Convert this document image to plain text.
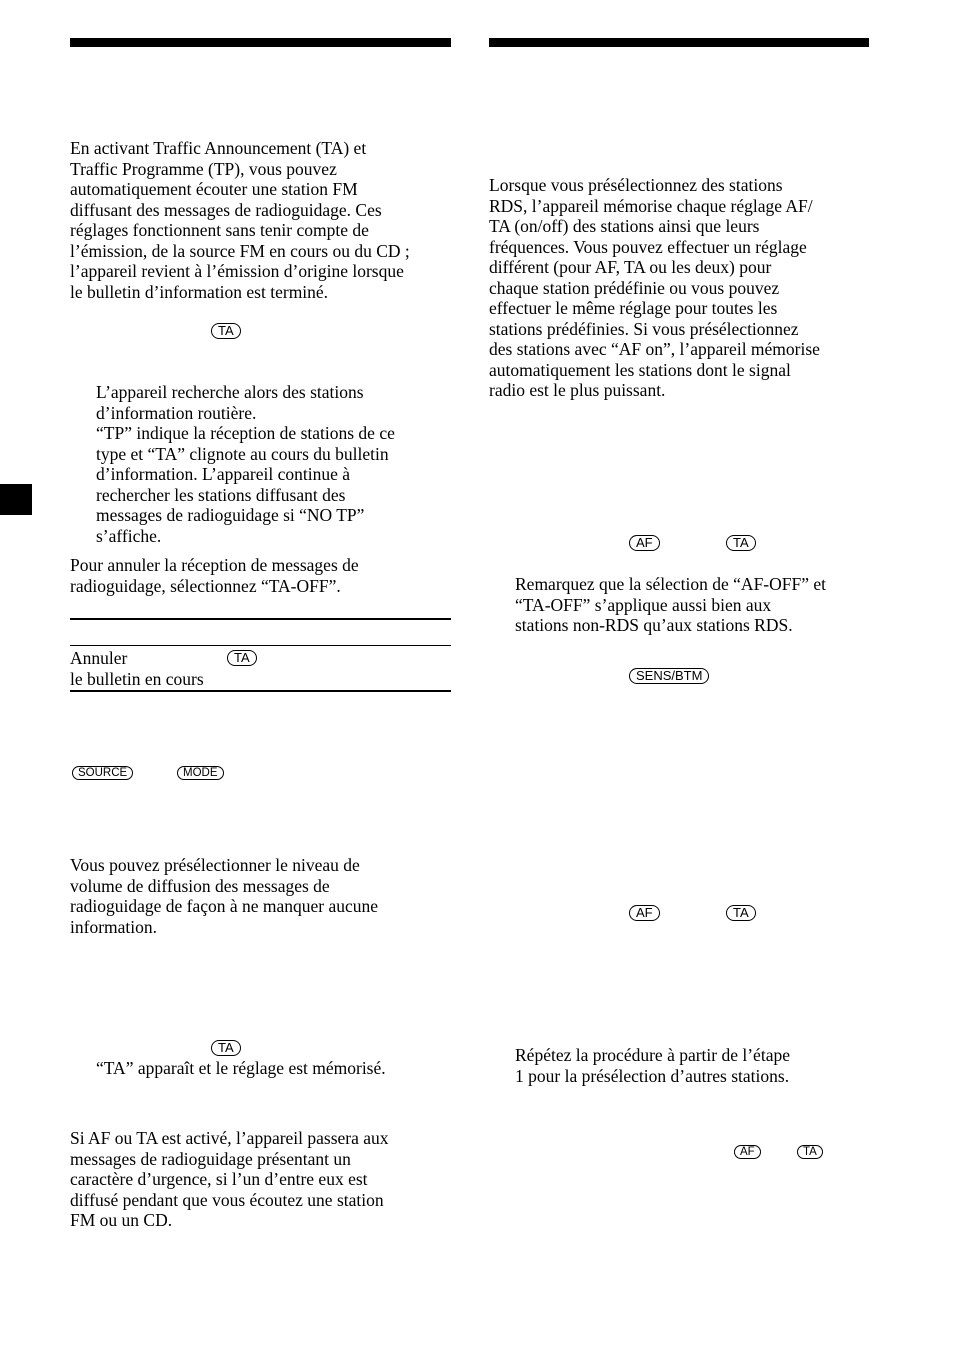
En activant Traffic Announcement (TA) et
Traffic Programme (TP), vous pouvez
automatiquement écouter une station FM
diffusant des messages de radioguidage. Ces
réglages fonctionnent sans tenir compte de
l’émission, de la source FM en cours ou du CD ;
l’appareil revient à l’émission d’origine lorsque
le bulletin d’information est terminé.

TA

L’appareil recherche alors des stations
d’information routière.
“TP” indique la réception de stations de ce
type et “TA” clignote au cours du bulletin
d’information. L’appareil continue à
rechercher les stations diffusant des
messages de radioguidage si “NO TP”
s’affiche.

Pour annuler la réception de messages de
radioguidage, sélectionnez “TA-OFF”.

Annuler
le bulletin en cours

TA
SOURCE	MODE

Vous pouvez présélectionner le niveau de
volume de diffusion des messages de
radioguidage de façon à ne manquer aucune
information.

TA

“TA” apparaît et le réglage est mémorisé.

Si AF ou TA est activé, l’appareil passera aux
messages de radioguidage présentant un
caractère d’urgence, si l’un d’entre eux est
diffusé pendant que vous écoutez une station
FM ou un CD.

Lorsque vous présélectionnez des stations
RDS, l’appareil mémorise chaque réglage AF/
TA (on/off) des stations ainsi que leurs
fréquences. Vous pouvez effectuer un réglage
différent (pour AF, TA ou les deux) pour
chaque station prédéfinie ou vous pouvez
effectuer le même réglage pour toutes les
stations prédéfinies. Si vous présélectionnez
des stations avec “AF on”, l’appareil mémorise
automatiquement les stations dont le signal
radio est le plus puissant.

AF	TA

Remarquez que la sélection de “AF-OFF” et
“TA-OFF” s’applique aussi bien aux
stations non-RDS qu’aux stations RDS.

SENS/BTM
AF	TA

Répétez la procédure à partir de l’étape
1 pour la présélection d’autres stations.

AF	TA
